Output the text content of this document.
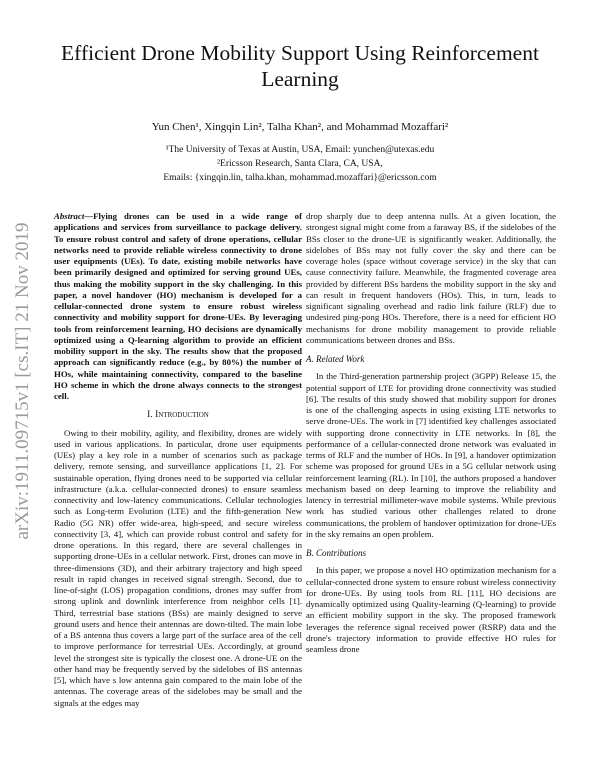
arXiv:1911.09715v1 [cs.IT] 21 Nov 2019
Efficient Drone Mobility Support Using Reinforcement Learning
Yun Chen¹, Xingqin Lin², Talha Khan², and Mohammad Mozaffari²
¹The University of Texas at Austin, USA, Email: yunchen@utexas.edu
²Ericsson Research, Santa Clara, CA, USA,
Emails: {xingqin.lin, talha.khan, mohammad.mozaffari}@ericsson.com

Abstract—Flying drones can be used in a wide range of applications and services from surveillance to package delivery. To ensure robust control and safety of drone operations, cellular networks need to provide reliable wireless connectivity to drone user equipments (UEs). To date, existing mobile networks have been primarily designed and optimized for serving ground UEs, thus making the mobility support in the sky challenging. In this paper, a novel handover (HO) mechanism is developed for a cellular-connected drone system to ensure robust wireless connectivity and mobility support for drone-UEs. By leveraging tools from reinforcement learning, HO decisions are dynamically optimized using a Q-learning algorithm to provide an efficient mobility support in the sky. The results show that the proposed approach can significantly reduce (e.g., by 80%) the number of HOs, while maintaining connectivity, compared to the baseline HO scheme in which the drone always connects to the strongest cell.

I. Introduction

Owing to their mobility, agility, and flexibility, drones are widely used in various applications. In particular, drone user equipments (UEs) play a key role in a number of scenarios such as package delivery, remote sensing, and surveillance applications [1, 2]. For sustainable operation, flying drones need to be supported via cellular infrastructure (a.k.a. cellular-connected drones) to ensure seamless connectivity and low-latency communications. Cellular technologies such as Long-term Evolution (LTE) and the fifth-generation New Radio (5G NR) offer wide-area, high-speed, and secure wireless connectivity [3, 4], which can provide robust control and safety for drone operations. In this regard, there are several challenges in supporting drone-UEs in a cellular network. First, drones can move in three-dimensions (3D), and their arbitrary trajectory and high speed result in rapid changes in received signal strength. Second, due to line-of-sight (LOS) propagation conditions, drones may suffer from strong uplink and downlink interference from neighbor cells [1]. Third, terrestrial base stations (BSs) are mainly designed to serve ground users and hence their antennas are down-tilted. The main lobe of a BS antenna thus covers a large part of the surface area of the cell to improve performance for terrestrial UEs. Accordingly, at ground level the strongest site is typically the closest one. A drone-UE on the other hand may be frequently served by the sidelobes of BS antennas [5], which have s low antenna gain compared to the main lobe of the antennas. The coverage areas of the sidelobes may be small and the signals at the edges may

drop sharply due to deep antenna nulls. At a given location, the strongest signal might come from a faraway BS, if the sidelobes of the BSs closer to the drone-UE is significantly weaker. Additionally, the sidelobes of BSs may not fully cover the sky and there can be coverage holes (space without coverage service) in the sky that can cause connectivity failure. Meanwhile, the fragmented coverage area provided by different BSs hardens the mobility support in the sky and can result in frequent handovers (HOs). This, in turn, leads to significant signaling overhead and radio link failure (RLF) due to undesired ping-pong HOs. Therefore, there is a need for efficient HO mechanisms for drone mobility management to provide reliable communications between drones and BSs.

A. Related Work

In the Third-generation partnership project (3GPP) Release 15, the potential support of LTE for providing drone connectivity was studied [6]. The results of this study showed that mobility support for drones is one of the challenging aspects in using existing LTE networks to serve drone-UEs. The work in [7] identified key challenges associated with supporting drone connectivity in LTE networks. In [8], the performance of a cellular-connected drone network was evaluated in terms of RLF and the number of HOs. In [9], a handover optimization scheme was proposed for ground UEs in a 5G cellular network using reinforcement learning (RL). In [10], the authors proposed a handover mechanism based on deep learning to improve the reliability and latency in terrestrial millimeter-wave mobile systems. While previous work has studied various other challenges related to drone communications, the problem of handover optimization for drone-UEs in the sky remains an open problem.

B. Contributions

In this paper, we propose a novel HO optimization mechanism for a cellular-connected drone system to ensure robust wireless connectivity for drone-UEs. By using tools from RL [11], HO decisions are dynamically optimized using Quality-learning (Q-learning) to provide an efficient mobility support in the sky. The proposed framework leverages the reference signal received power (RSRP) data and the drone's trajectory information to provide effective HO rules for seamless drone
